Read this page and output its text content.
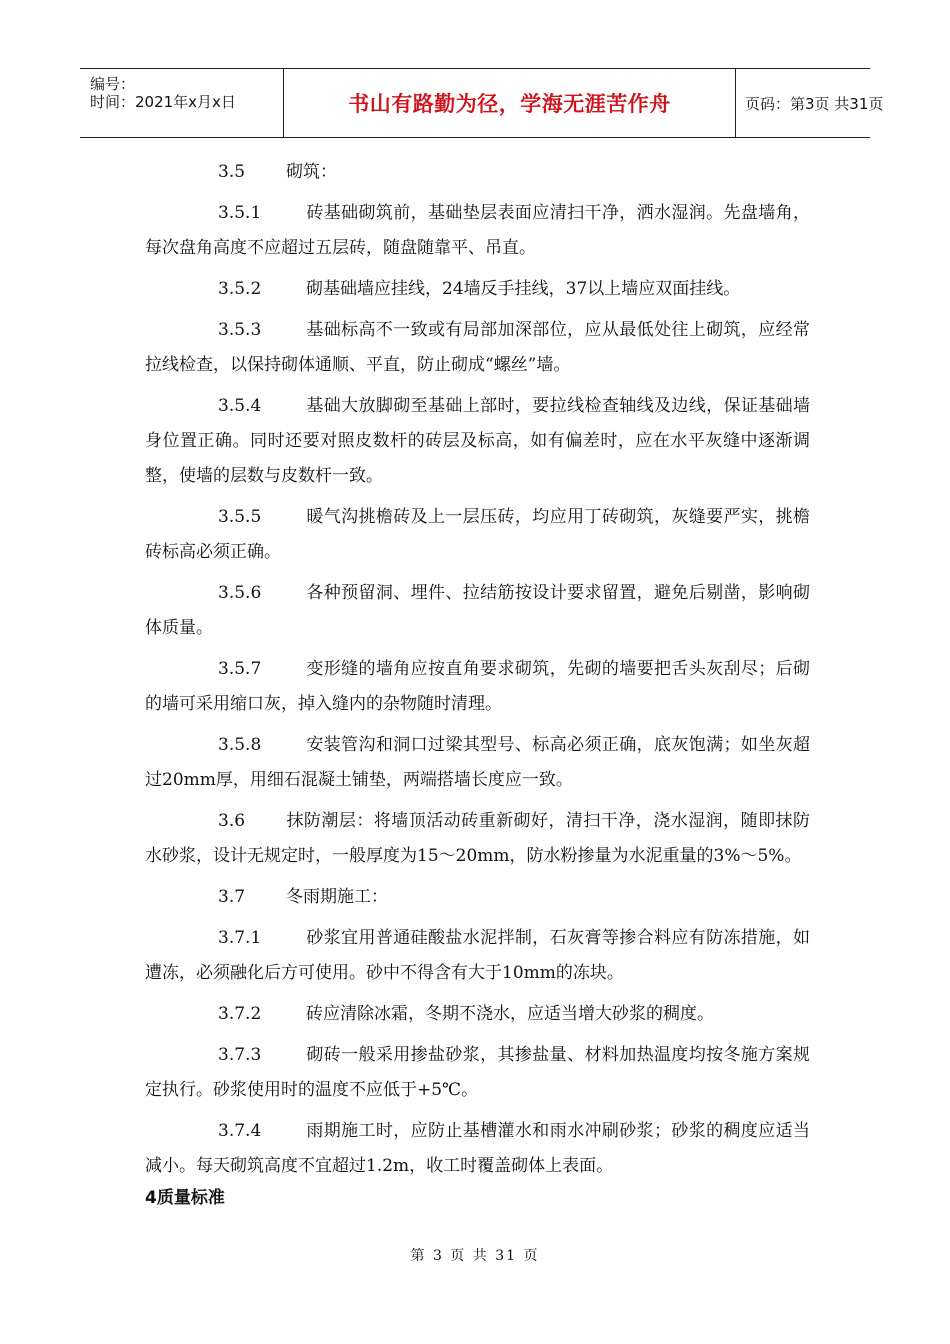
编号：
时间：2021年x月x日	书山有路勤为径，学海无涯苦作舟	页码：第3页 共31页
3.5 砌筑：
3.5.1	砖基础砌筑前，基础垫层表面应清扫干净，洒水湿润。先盘墙角，每次盘角高度不应超过五层砖，随盘随靠平、吊直。
3.5.2	砌基础墙应挂线，24墙反手挂线，37以上墙应双面挂线。
3.5.3	基础标高不一致或有局部加深部位，应从最低处往上砌筑，应经常拉线检查，以保持砌体通顺、平直，防止砌成“螺丝”墙。
3.5.4	基础大放脚砌至基础上部时，要拉线检查轴线及边线，保证基础墙身位置正确。同时还要对照皮数杆的砖层及标高，如有偏差时，应在水平灰缝中逐渐调整，使墙的层数与皮数杆一致。
3.5.5	暖气沟挑檐砖及上一层压砖，均应用丁砖砌筑，灰缝要严实，挑檐砖标高必须正确。
3.5.6	各种预留洞、埋件、拉结筋按设计要求留置，避免后剔凿，影响砌体质量。
3.5.7	变形缝的墙角应按直角要求砌筑，先砌的墙要把舌头灰刮尽；后砌的墙可采用缩口灰，掉入缝内的杂物随时清理。
3.5.8	安装管沟和洞口过梁其型号、标高必须正确，底灰饱满；如坐灰超过20mm厚，用细石混凝土铺垫，两端搭墙长度应一致。
3.6 抹防潮层：将墙顶活动砖重新砌好，清扫干净，浇水湿润，随即抹防水砂浆，设计无规定时，一般厚度为15～20mm，防水粉掺量为水泥重量的3%～5%。
3.7 冬雨期施工：
3.7.1	砂浆宜用普通硅酸盐水泥拌制，石灰膏等掺合料应有防冻措施，如遭冻，必须融化后方可使用。砂中不得含有大于10mm的冻块。
3.7.2	砖应清除冰霜，冬期不浇水，应适当增大砂浆的稠度。
3.7.3	砌砖一般采用掺盐砂浆，其掺盐量、材料加热温度均按冬施方案规定执行。砂浆使用时的温度不应低于+5℃。
3.7.4	雨期施工时，应防止基槽灌水和雨水冲刷砂浆；砂浆的稠度应适当减小。每天砌筑高度不宜超过1.2m，收工时覆盖砌体上表面。
4质量标准
第 3 页 共 31 页
